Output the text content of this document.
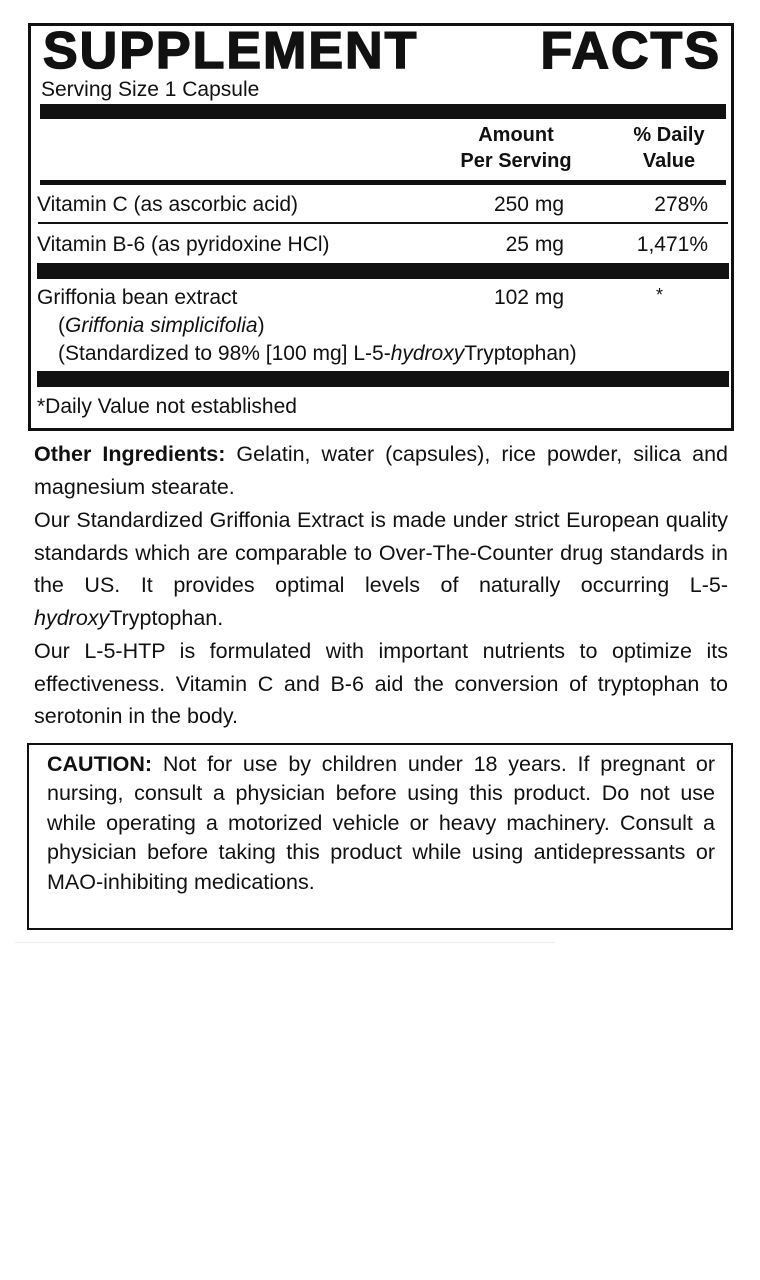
SUPPLEMENT FACTS
Serving Size 1 Capsule
Amount
Per Serving
% Daily
Value
Vitamin C (as ascorbic acid)	250 mg	278%
Vitamin B-6 (as pyridoxine HCl)	25 mg	1,471%
Griffonia bean extract	102 mg	*
(Griffonia simplicifolia)
(Standardized to 98% [100 mg] L-5-hydroxyTryptophan)
*Daily Value not established

Other Ingredients: Gelatin, water (capsules), rice powder, silica and magnesium stearate.

Our Standardized Griffonia Extract is made under strict European quality standards which are comparable to Over-The-Counter drug standards in the US. It provides optimal levels of naturally occurring L-5-hydroxyTryptophan.

Our L-5-HTP is formulated with important nutrients to optimize its effectiveness. Vitamin C and B-6 aid the conversion of tryptophan to serotonin in the body.

CAUTION: Not for use by children under 18 years. If pregnant or nursing, consult a physician before using this product. Do not use while operating a motorized vehicle or heavy machinery. Consult a physician before taking this product while using antidepressants or MAO-inhibiting medications.
